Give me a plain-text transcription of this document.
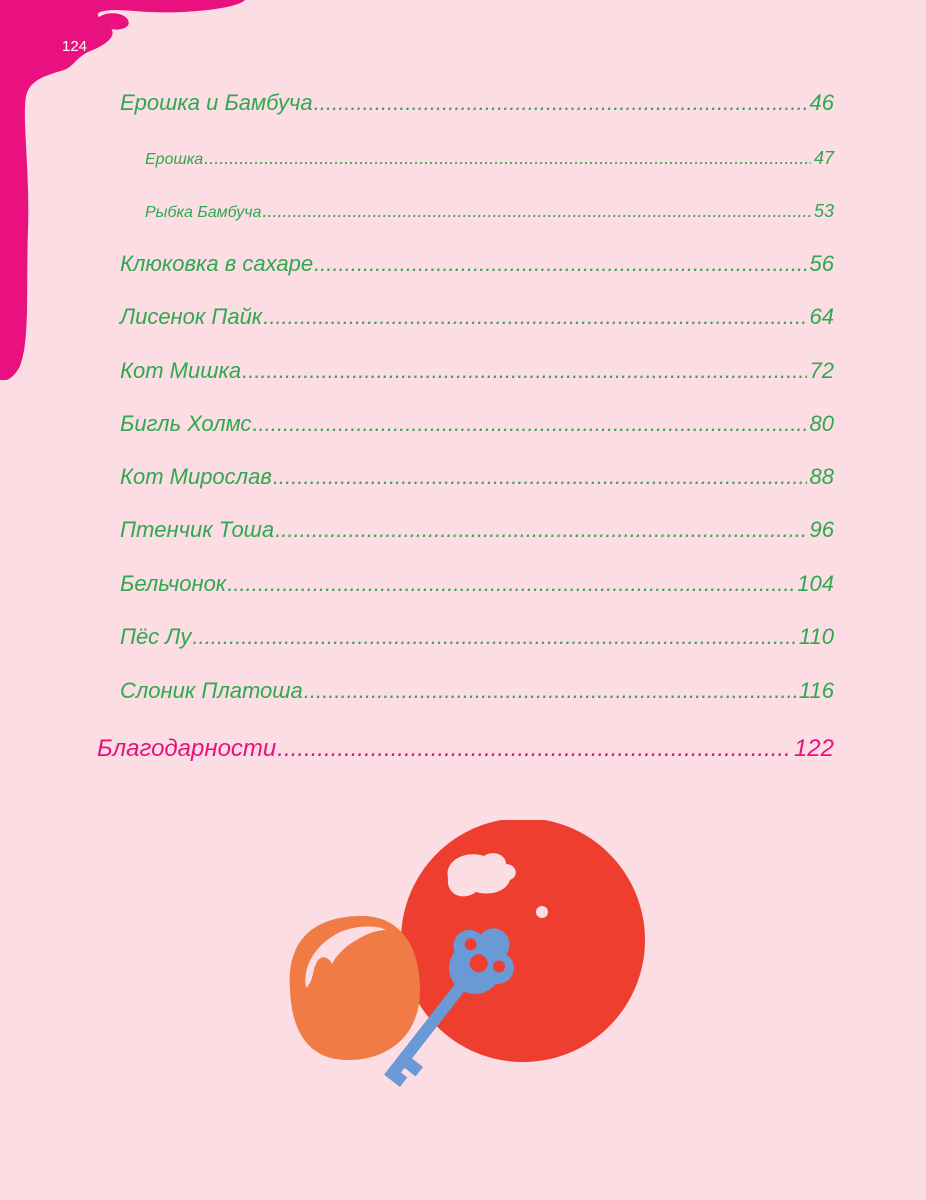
124
Ерошка и Бамбуча .....	46
Ерошка .....	47
Рыбка Бамбуча .....	53
Клюковка в сахаре .....	56
Лисенок Пайк .....	64
Кот Мишка .....	72
Бигль Холмс .....	80
Кот Мирослав .....	88
Птенчик Тоша .....	96
Бельчонок .....	104
Пёс Лу .....	110
Слоник Платоша .....	116
Благодарности .....	122
